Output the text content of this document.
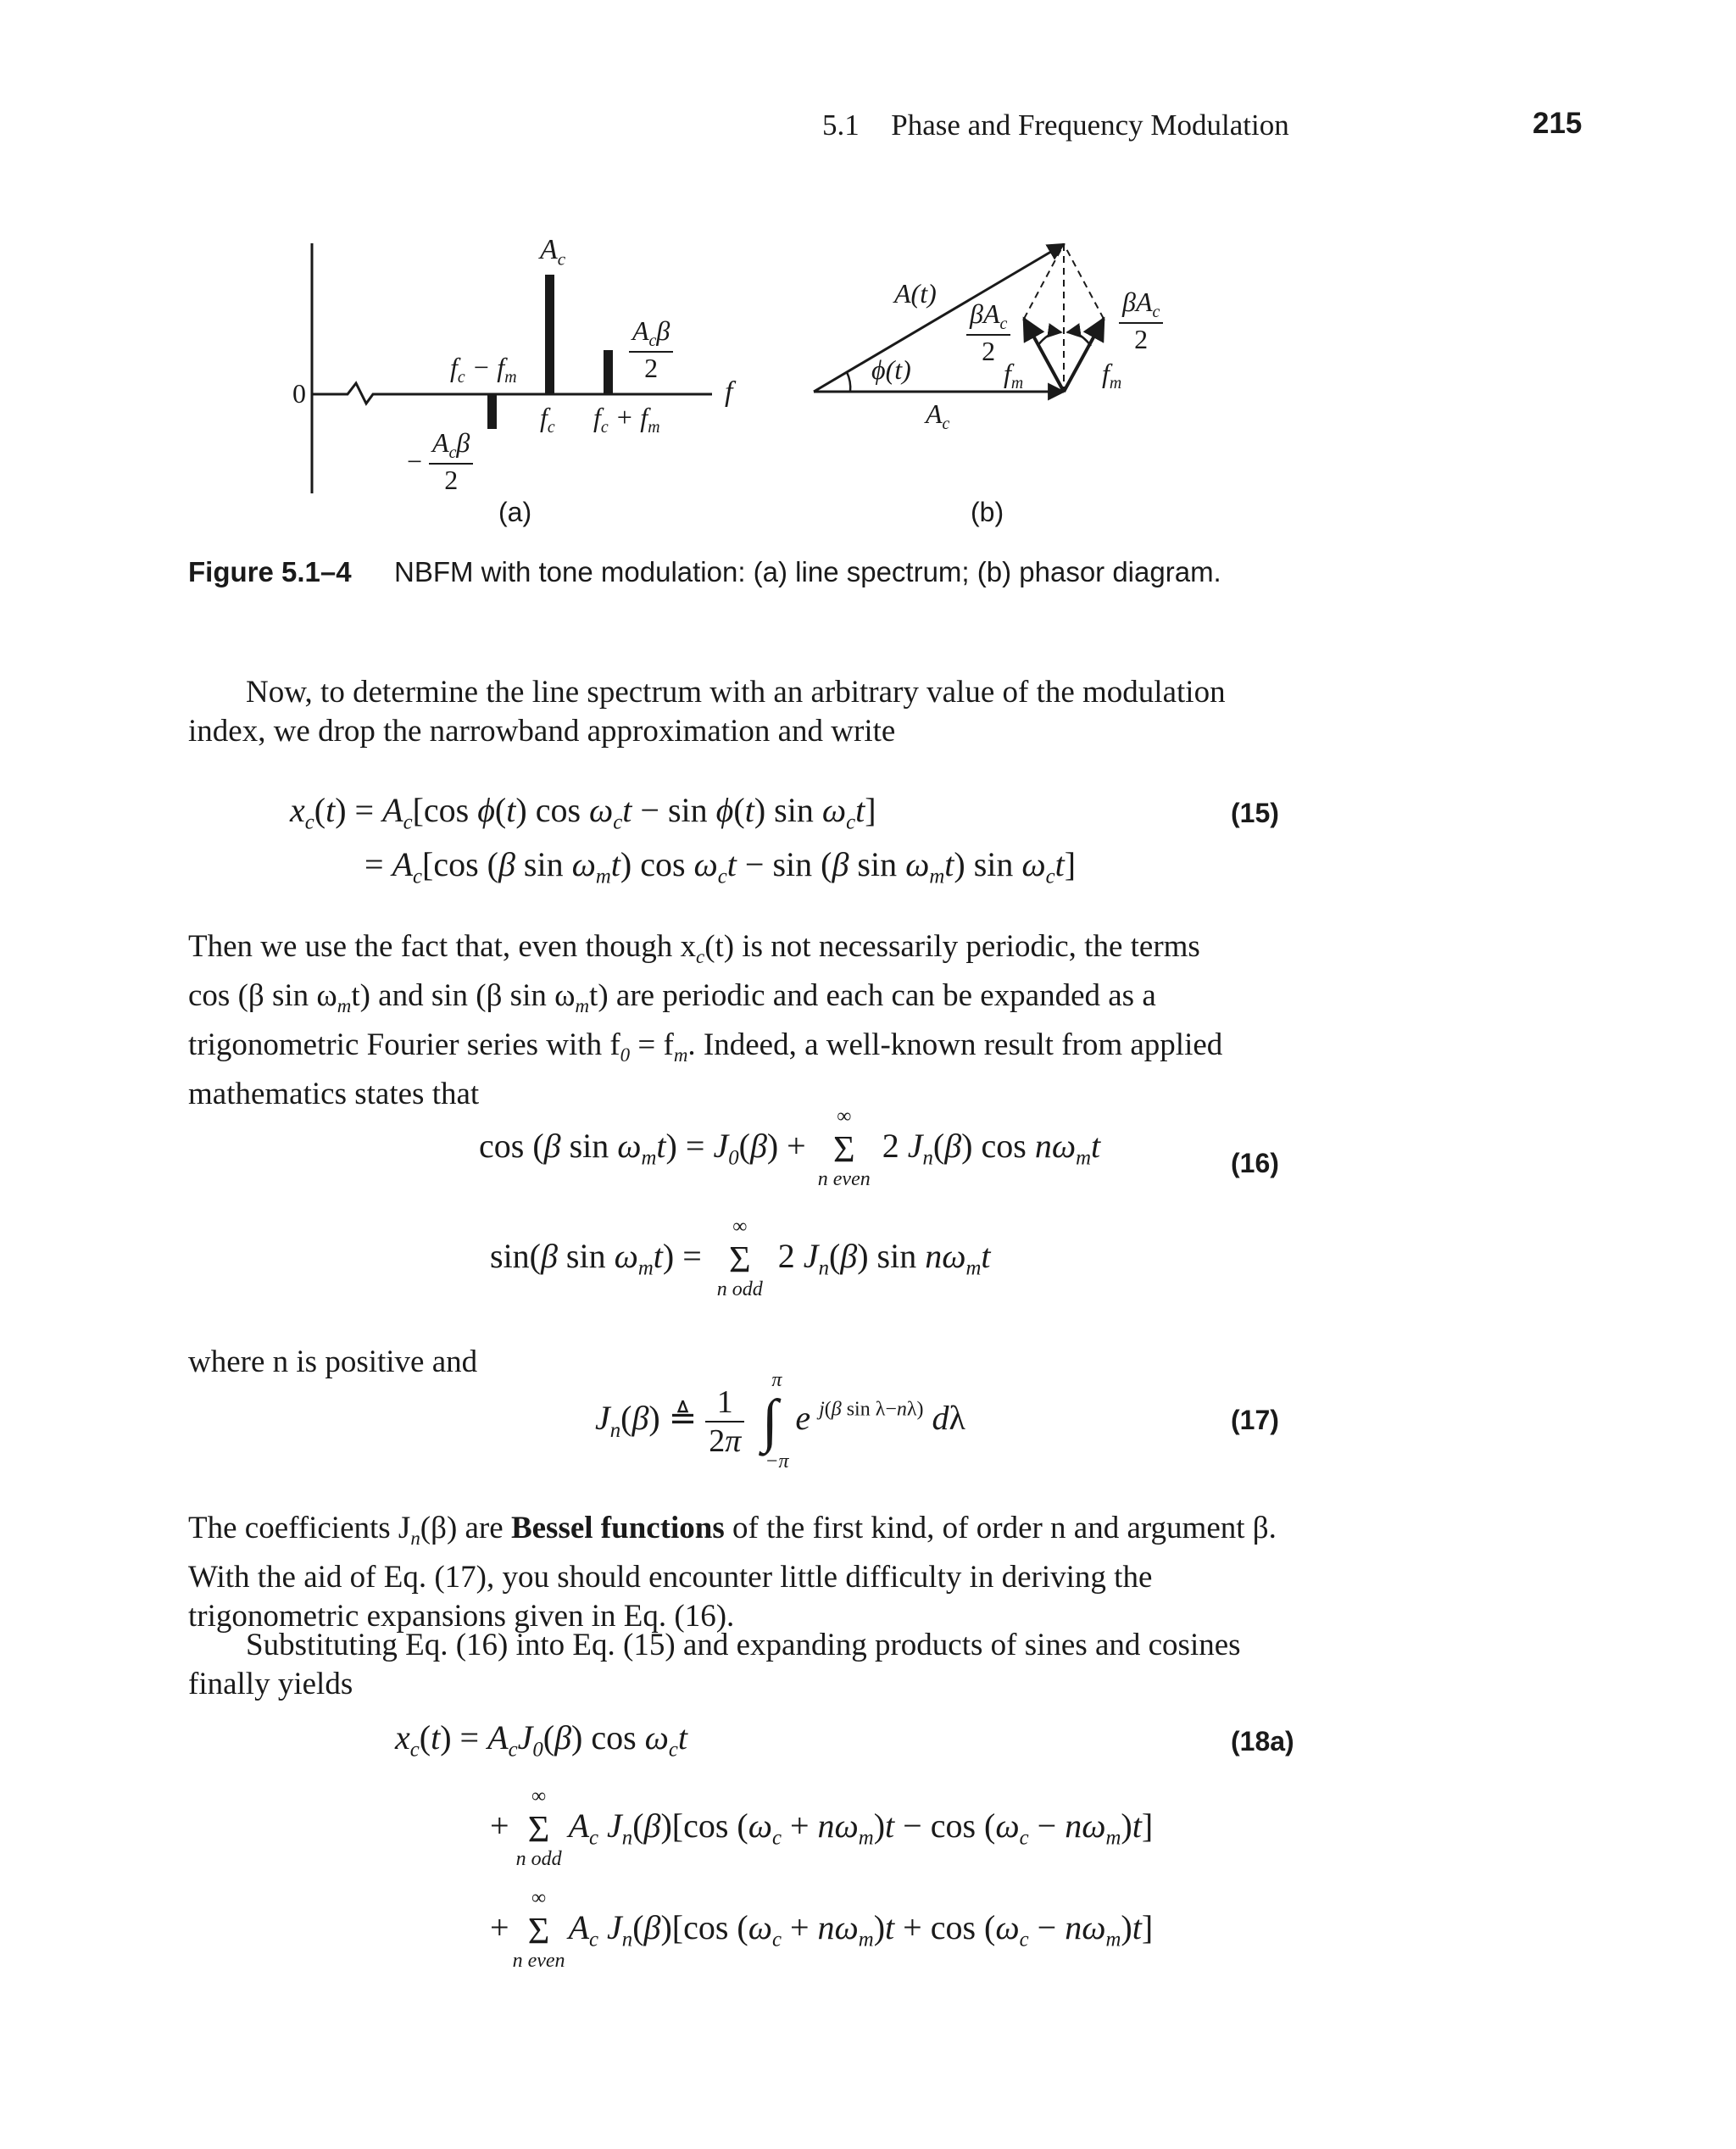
5.1 Phase and Frequency Modulation	215
$A_c$
$A_c\beta$
2
0	f
$f_c - f_m$
$f_c$ $f_c + f_m$
− $\frac{A_c\beta}{2}$
(a)
A(t)
ϕ(t)
$A_c$
$\beta A_c$
2
$\beta A_c$
2
$f_m$	$f_m$
(b)
Figure 5.1–4 NBFM with tone modulation: (a) line spectrum; (b) phasor diagram.
Now, to determine the line spectrum with an arbitrary value of the modulation
index, we drop the narrowband approximation and write
$x_c(t) = A_c[\cos$ ϕ(t) $\cos \omega_ct - \sin \phi(t)$ $\sin \omega_ct$]
= $A_c[\cos$ (β $\sin \omega_mt$) $\cos \omega_ct - \sin (\beta$ $\sin \omega_mt$) $\sin \omega_ct$]
(15)
Then we use the fact that, even though $x_c(t)$ is not necessarily periodic, the terms
cos (β $\sin \omega_mt$) and sin (β $\sin \omega_mt$) are periodic and each can be expanded as a
trigonometric Fourier series with $f_0 = f_m$. Indeed, a well-known result from applied
mathematics states that
cos (β $\sin \omega_mt) = J_0(\beta)$ +
∞
Σ
n even
2 $J_n(\beta)$ $\cos n\omega_mt$	(16)
sin(β $\sin \omega_mt$) =
∞
Σ
n odd
2 $J_n(\beta)$ $\sin n\omega_mt$
where n is positive and
$J_n(\beta)$ ≜ $\frac{1}{2\pi}$

π
∫
−π
e $^{j(\beta sin \lambda-n\lambda)}$ dλ	(17)
The coefficients $J_n(\beta)$ are Bessel functions of the first kind, of order n and argument β.
With the aid of Eq. (17), you should encounter little difficulty in deriving the
trigonometric expansions given in Eq. (16).
Substituting Eq. (16) into Eq. (15) and expanding products of sines and cosines
finally yields
$x_c(t) = A_cJ_0(\beta)$ $\cos \omega_ct$	(18a)
+
∞
Σ
n odd
$A_c$ $J_n(\beta)[\cos$ $(\omega_c + n\omega_m)t - \cos (\omega_c - n\omega_m)t$]
+
∞
Σ
n even
$A_c$ $J_n(\beta)[\cos$ $(\omega_c + n\omega_m)t + \cos (\omega_c - n\omega_m)t$]
